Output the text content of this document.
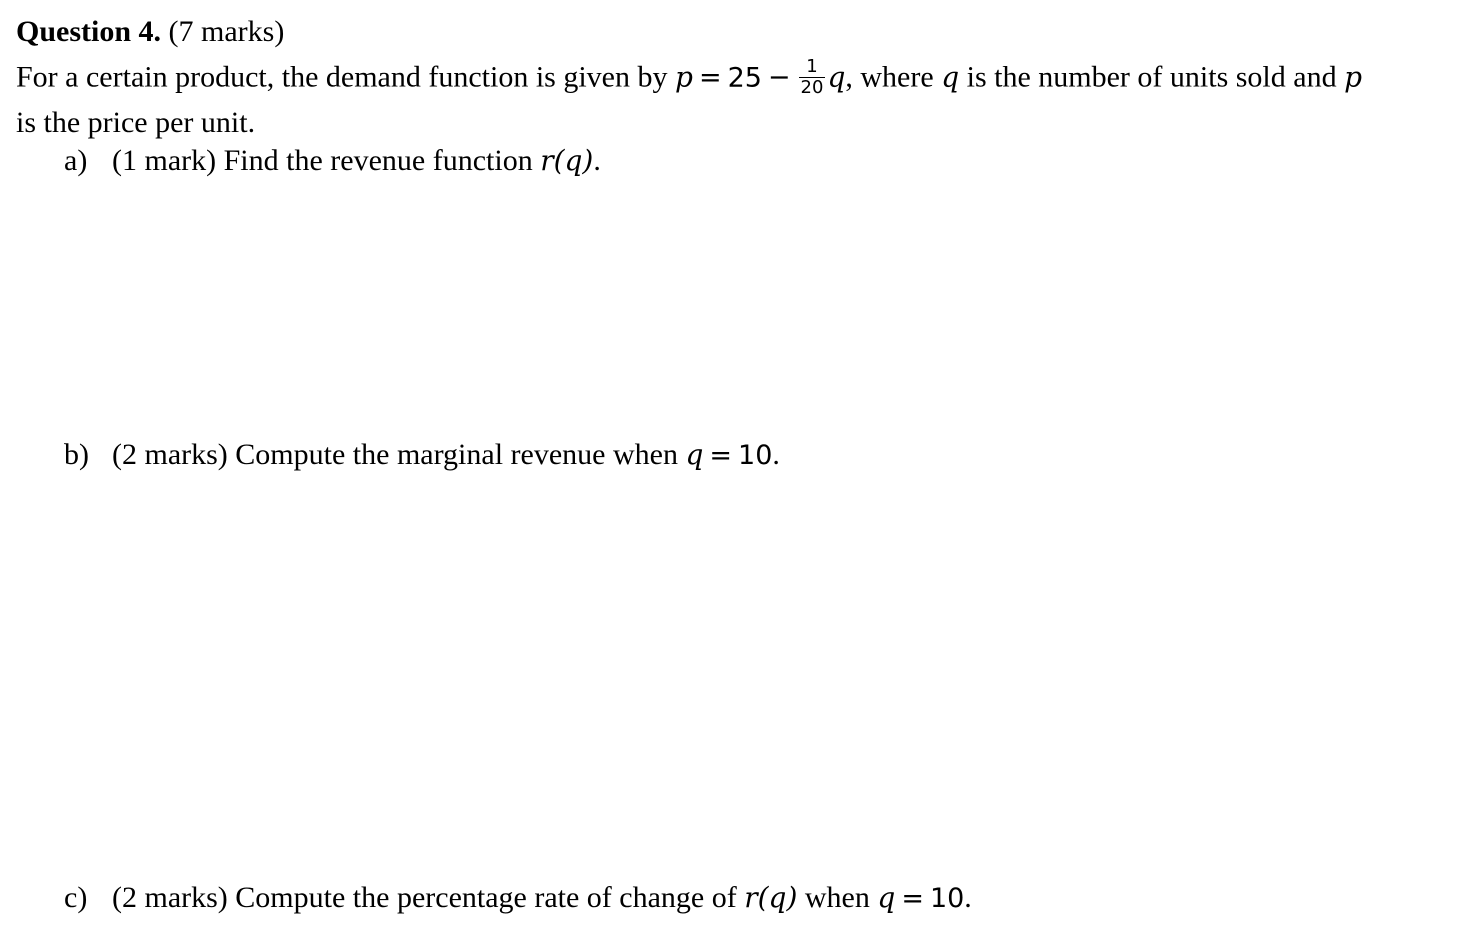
Question 4. (7 marks)
For a certain product, the demand function is given by $p = 25 - \frac{1}{20} q$, where q is the number of units sold and p
is the price per unit.
a) (1 mark) Find the revenue function r(q).
b) (2 marks) Compute the marginal revenue when q = 10.
c) (2 marks) Compute the percentage rate of change of r(q) when q = 10.
